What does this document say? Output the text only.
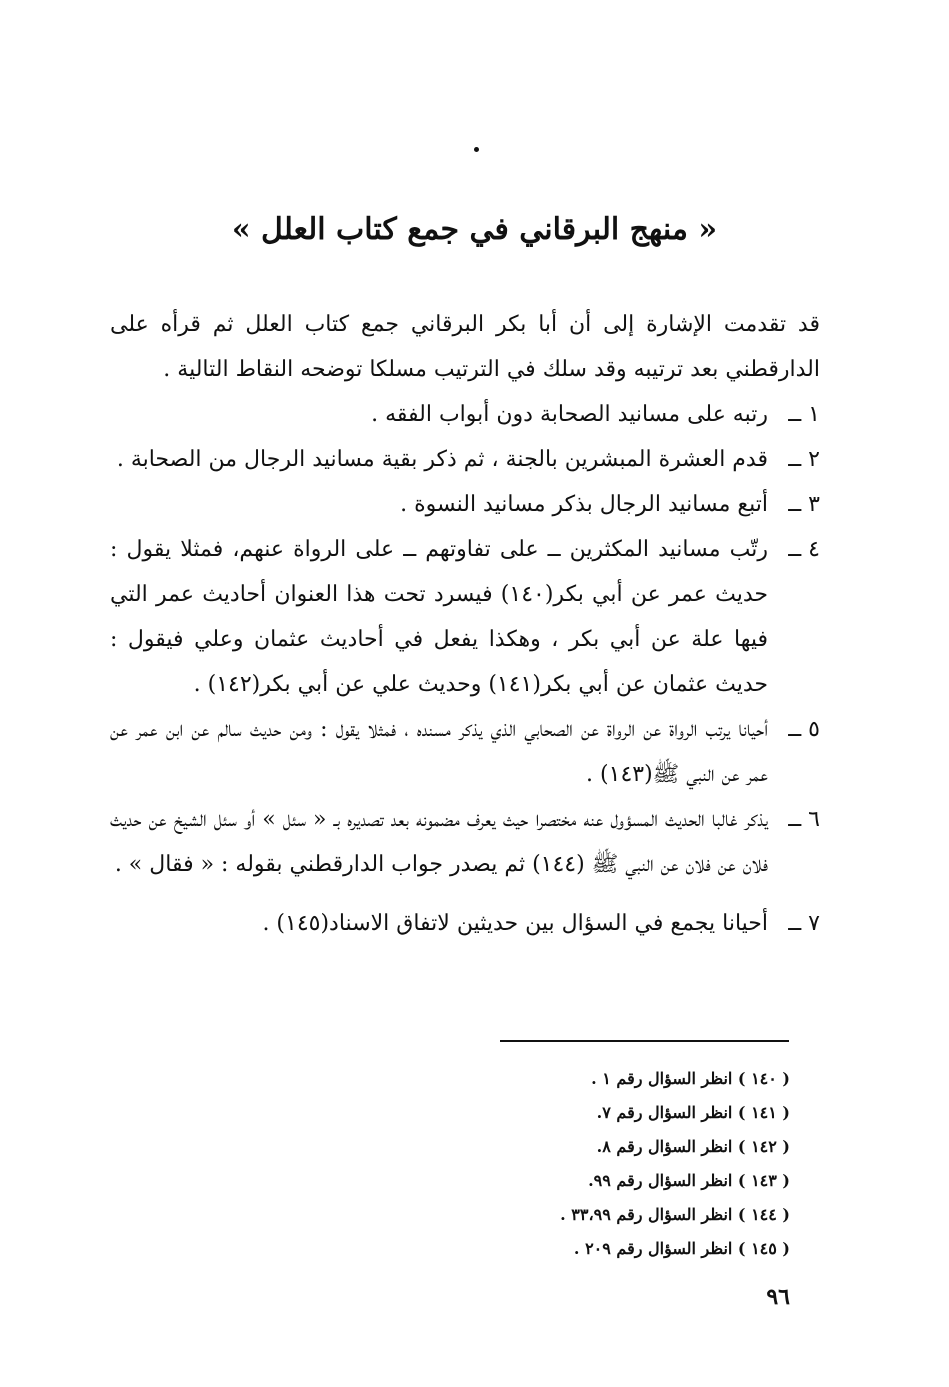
« منهج البرقاني في جمع كتاب العلل »

قد تقدمت الإشارة إلى أن أبا بكر البرقاني جمع كتاب العلل ثم قرأه على الدارقطني بعد ترتيبه وقد سلك في الترتيب مسلكا توضحه النقاط التالية .

١ ــ
رتبه على مسانيد الصحابة دون أبواب الفقه .
٢ ــ
قدم العشرة المبشرين بالجنة ، ثم ذكر بقية مسانيد الرجال من الصحابة .
٣ ــ
أتبع مسانيد الرجال بذكر مسانيد النسوة .
٤ ــ
رتّب مسانيد المكثرين ــ على تفاوتهم ــ على الرواة عنهم، فمثلا يقول : حديث عمر عن أبي بكر(١٤٠) فيسرد تحت هذا العنوان أحاديث عمر التي فيها علة عن أبي بكر ، وهكذا يفعل في أحاديث عثمان وعلي فيقول : حديث عثمان عن أبي بكر(١٤١) وحديث علي عن أبي بكر(١٤٢) .
٥ ــ
أحيانا يرتب الرواة عن الرواة عن الصحابي الذي يذكر مسنده ، فمثلا يقول : ومن حديث سالم عن ابن عمر عن عمر عن النبي ﷺ(١٤٣) .
٦ ــ
يذكر غالبا الحديث المسؤول عنه مختصرا حيث يعرف مضمونه بعد تصديره بـ « سئل » أو سئل الشيخ عن حديث فلان عن فلان عن النبي ﷺ (١٤٤) ثم يصدر جواب الدارقطني بقوله : « فقال » .
٧ ــ
أحيانا يجمع في السؤال بين حديثين لاتفاق الاسناد(١٤٥) .
( ١٤٠ ) انظر السؤال رقم ١ .
( ١٤١ ) انظر السؤال رقم ٧.
( ١٤٢ ) انظر السؤال رقم ٨.
( ١٤٣ ) انظر السؤال رقم ٩٩.
( ١٤٤ ) انظر السؤال رقم ٣٣،٩٩ .
( ١٤٥ ) انظر السؤال رقم ٢٠٩ .
٩٦
